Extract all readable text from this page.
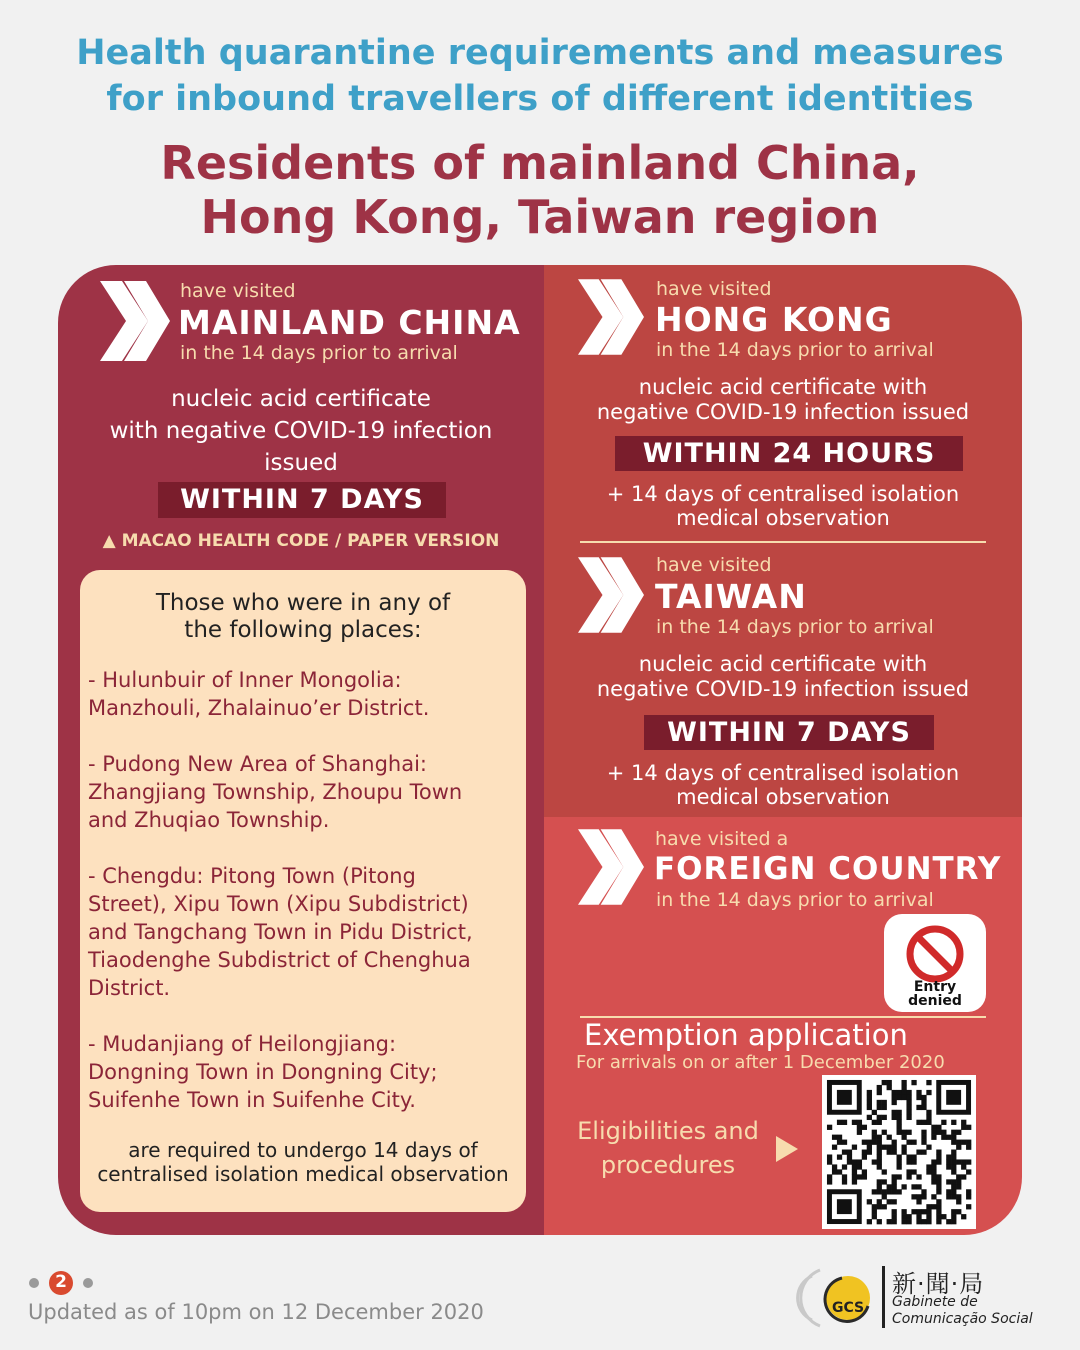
Health quarantine requirements and measures
for inbound travellers of different identities
Residents of mainland China,
Hong Kong, Taiwan region
have visited
MAINLAND CHINA
in the 14 days prior to arrival
nucleic acid certificate
with negative COVID-19 infection
issued
WITHIN 7 DAYS
▲ MACAO HEALTH CODE / PAPER VERSION
Those who were in any of
the following places:
- Hulunbuir of Inner Mongolia:
Manzhouli, Zhalainuo’er District.
- Pudong New Area of Shanghai:
Zhangjiang Township, Zhoupu Town
and Zhuqiao Township.
- Chengdu: Pitong Town (Pitong
Street), Xipu Town (Xipu Subdistrict)
and Tangchang Town in Pidu District,
Tiaodenghe Subdistrict of Chenghua
District.
- Mudanjiang of Heilongjiang:
Dongning Town in Dongning City;
Suifenhe Town in Suifenhe City.
are required to undergo 14 days of
centralised isolation medical observation
have visited
HONG KONG
in the 14 days prior to arrival
nucleic acid certificate with
negative COVID-19 infection issued
WITHIN 24 HOURS
+ 14 days of centralised isolation
medical observation
have visited
TAIWAN
in the 14 days prior to arrival
nucleic acid certificate with
negative COVID-19 infection issued
WITHIN 7 DAYS
+ 14 days of centralised isolation
medical observation
have visited a
FOREIGN COUNTRY
in the 14 days prior to arrival
Entry
denied
Exemption application
For arrivals on or after 1 December 2020
Eligibilities and
procedures
2
Updated as of 10pm on 12 December 2020	GCS
新·聞·局
Gabinete de
Comunicação Social
